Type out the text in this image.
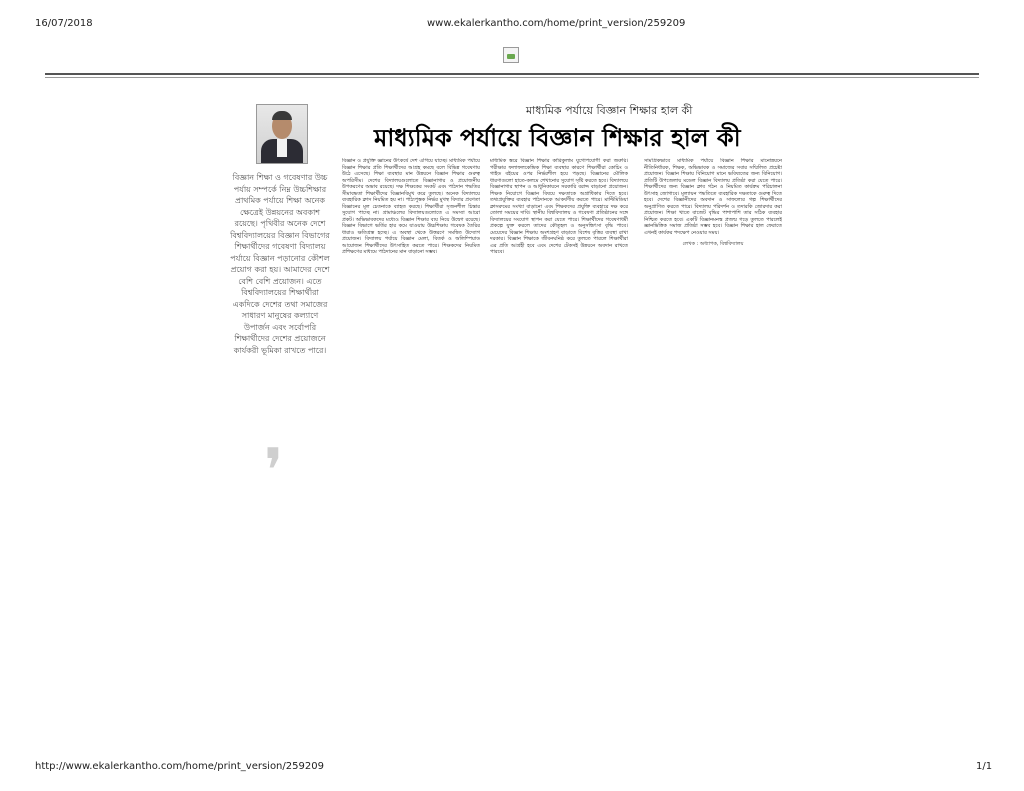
16/07/2018	www.ekalerkantho.com/home/print_version/259209
বিজ্ঞান শিক্ষা ও গবেষণার উচ্চ পর্যায় সম্পর্কে নিম্ন উচ্চশিক্ষার প্রাথমিক পর্যায়ে শিক্ষা অনেক ক্ষেত্রেই উন্নয়নের অবকাশ রয়েছে। পৃথিবীর অনেক দেশে বিশ্ববিদ্যালয়ের বিজ্ঞান বিভাগের শিক্ষার্থীদের গবেষণা বিদ্যালয় পর্যায়ে বিজ্ঞান পড়ানোর কৌশল প্রয়োগ করা হয়। আমাদের দেশে বেশি বেশি প্রয়োজন। এতে বিশ্ববিদ্যালয়ের শিক্ষার্থীরা একদিকে দেশের তথা সমাজের সাধারণ মানুষের কল্যাণে উপার্জন এবং সর্বোপরি শিক্ষার্থীদের দেশের প্রয়োজনে কার্যকরী ভূমিকা রাখতে পারে।
❜
মাধ্যমিক পর্যায়ে বিজ্ঞান শিক্ষার হাল কী
মাধ্যমিক পর্যায়ে বিজ্ঞান শিক্ষার হাল কী
বিজ্ঞান ও প্রযুক্তি জ্ঞানের উৎকর্ষে দেশ এগিয়ে যাচ্ছে। মাধ্যমিক পর্যায়ে বিজ্ঞান শিক্ষার প্রতি শিক্ষার্থীদের আগ্রহ কমছে বলে বিভিন্ন গবেষণায় উঠে এসেছে। শিক্ষা ব্যবস্থার মান উন্নয়নে বিজ্ঞান শিক্ষার গুরুত্ব অপরিসীম। দেশের বিদ্যালয়গুলোতে বিজ্ঞানাগার ও প্রয়োজনীয় উপকরণের অভাব রয়েছে। দক্ষ শিক্ষকের সংকট এবং পাঠদান পদ্ধতির সীমাবদ্ধতা শিক্ষার্থীদের বিজ্ঞানবিমুখ করে তুলছে। অনেক বিদ্যালয়ে ব্যবহারিক ক্লাস নিয়মিত হয় না। পাঠ্যপুস্তক নির্ভর মুখস্থ বিদ্যার প্রবণতা বিজ্ঞানের মূল চেতনাকে ব্যাহত করছে। শিক্ষার্থীরা সৃজনশীল চিন্তার সুযোগ পাচ্ছে না। গ্রামাঞ্চলের বিদ্যালয়গুলোতে এ সমস্যা আরো প্রকট। অভিভাবকদের মধ্যেও বিজ্ঞান শিক্ষার ব্যয় নিয়ে উদ্বেগ রয়েছে। বিজ্ঞান বিভাগে ভর্তির হার কমে যাওয়ায় উচ্চশিক্ষায় গবেষক তৈরির ধারাও ক্ষতিগ্রস্ত হচ্ছে। এ অবস্থা থেকে উত্তরণে সমন্বিত উদ্যোগ প্রয়োজন। বিদ্যালয় পর্যায়ে বিজ্ঞান মেলা, বিতর্ক ও অলিম্পিয়াড আয়োজন শিক্ষার্থীদের উৎসাহিত করতে পারে। শিক্ষকদের নিয়মিত প্রশিক্ষণের মাধ্যমে পাঠদানের মান বাড়ানো সম্ভব।
মাধ্যমিক স্তরে বিজ্ঞান শিক্ষার কারিকুলাম যুগোপযোগী করা জরুরি। পরীক্ষার ফলাফলকেন্দ্রিক শিক্ষা ব্যবস্থার কারণে শিক্ষার্থীরা কোচিং ও গাইড বইয়ের ওপর নির্ভরশীল হয়ে পড়ছে। বিজ্ঞানের মৌলিক ধারণাগুলো হাতে-কলমে শেখানোর সুযোগ সৃষ্টি করতে হবে। বিদ্যালয়ে বিজ্ঞানাগার স্থাপন ও আধুনিকায়নে সরকারি বরাদ্দ বাড়ানো প্রয়োজন। শিক্ষক নিয়োগে বিজ্ঞান বিষয়ে দক্ষতাকে অগ্রাধিকার দিতে হবে। তথ্যপ্রযুক্তির ব্যবহার পাঠদানকে আকর্ষণীয় করতে পারে। মাল্টিমিডিয়া ক্লাসরুমের সংখ্যা বাড়ানো এবং শিক্ষকদের প্রযুক্তি ব্যবহারে দক্ষ করে তোলা সময়ের দাবি। স্থানীয় বিশ্ববিদ্যালয় ও গবেষণা প্রতিষ্ঠানের সঙ্গে বিদ্যালয়ের সংযোগ স্থাপন করা যেতে পারে। শিক্ষার্থীদের গবেষণাধর্মী প্রকল্পে যুক্ত করলে তাদের কৌতূহল ও অনুসন্ধিৎসা বৃদ্ধি পাবে। মেয়েদের বিজ্ঞান শিক্ষায় অংশগ্রহণ বাড়াতে বিশেষ বৃত্তির ব্যবস্থা রাখা দরকার। বিজ্ঞান শিক্ষাকে জীবনঘনিষ্ঠ করে তুলতে পারলে শিক্ষার্থীরা এর প্রতি আগ্রহী হবে এবং দেশের টেকসই উন্নয়নে অবদান রাখতে পারবে।
সামগ্রিকভাবে মাধ্যমিক পর্যায়ে বিজ্ঞান শিক্ষার মানোন্নয়নে নীতিনির্ধারক, শিক্ষক, অভিভাবক ও সমাজের সবার সম্মিলিত প্রচেষ্টা প্রয়োজন। বিজ্ঞান শিক্ষায় বিনিয়োগ মানে ভবিষ্যতের জন্য বিনিয়োগ। প্রতিটি উপজেলায় মডেল বিজ্ঞান বিদ্যালয় প্রতিষ্ঠা করা যেতে পারে। শিক্ষার্থীদের জন্য বিজ্ঞান ক্লাব গঠন ও নিয়মিত কার্যক্রম পরিচালনা উৎসাহ জোগাবে। মূল্যায়ন পদ্ধতিতে ব্যবহারিক দক্ষতাকে গুরুত্ব দিতে হবে। দেশের বিজ্ঞানীদের অবদান ও সাফল্যের গল্প শিক্ষার্থীদের অনুপ্রাণিত করতে পারে। বিদ্যালয় পরিদর্শন ও তদারকি জোরদার করা প্রয়োজন। শিক্ষা খাতে বাজেট বৃদ্ধির পাশাপাশি তার সঠিক ব্যবহার নিশ্চিত করতে হবে। একটি বিজ্ঞানমনস্ক প্রজন্ম গড়ে তুলতে পারলেই জ্ঞানভিত্তিক সমাজ প্রতিষ্ঠা সম্ভব হবে। বিজ্ঞান শিক্ষার হাল ফেরাতে এখনই কার্যকর পদক্ষেপ নেওয়ার সময়।
লেখক : অধ্যাপক, বিশ্ববিদ্যালয়
http://www.ekalerkantho.com/home/print_version/259209	1/1
